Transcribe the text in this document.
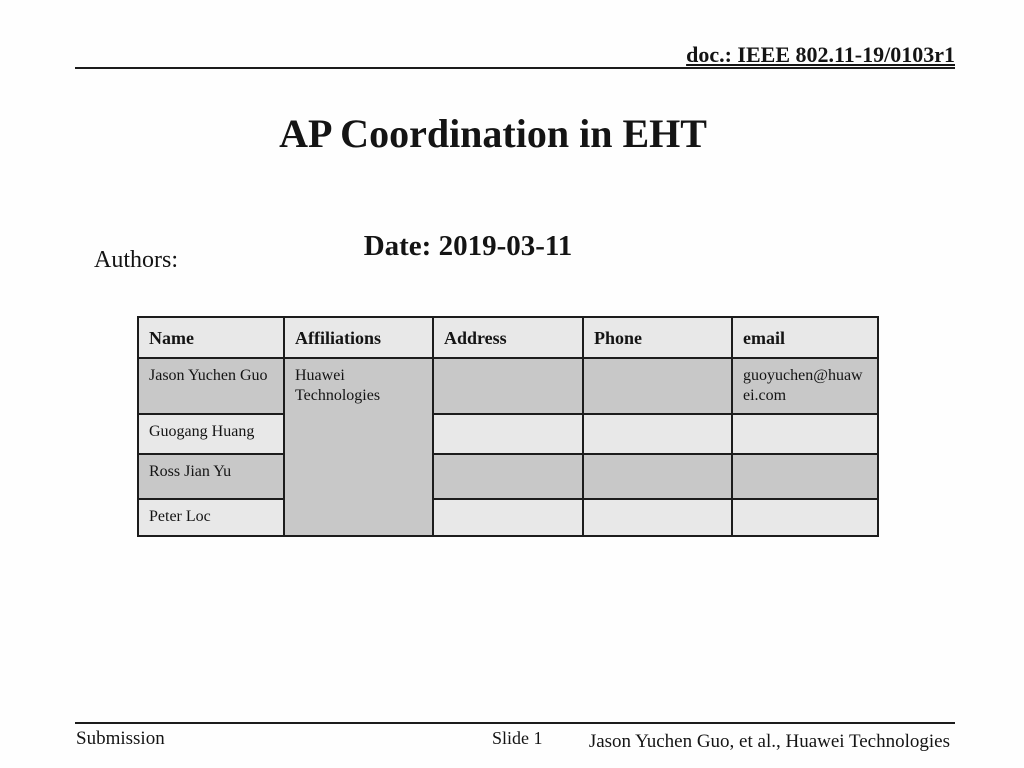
doc.: IEEE 802.11-19/0103r1
AP Coordination in EHT
Date: 2019-03-11
Authors:
Name	Affiliations	Address	Phone	email
Jason Yuchen Guo	Huawei Technologies			guoyuchen@huawei.com
Guogang Huang				
Ross Jian Yu				
Peter Loc				
Submission	Slide 1 Jason Yuchen Guo, et al., Huawei Technologies
